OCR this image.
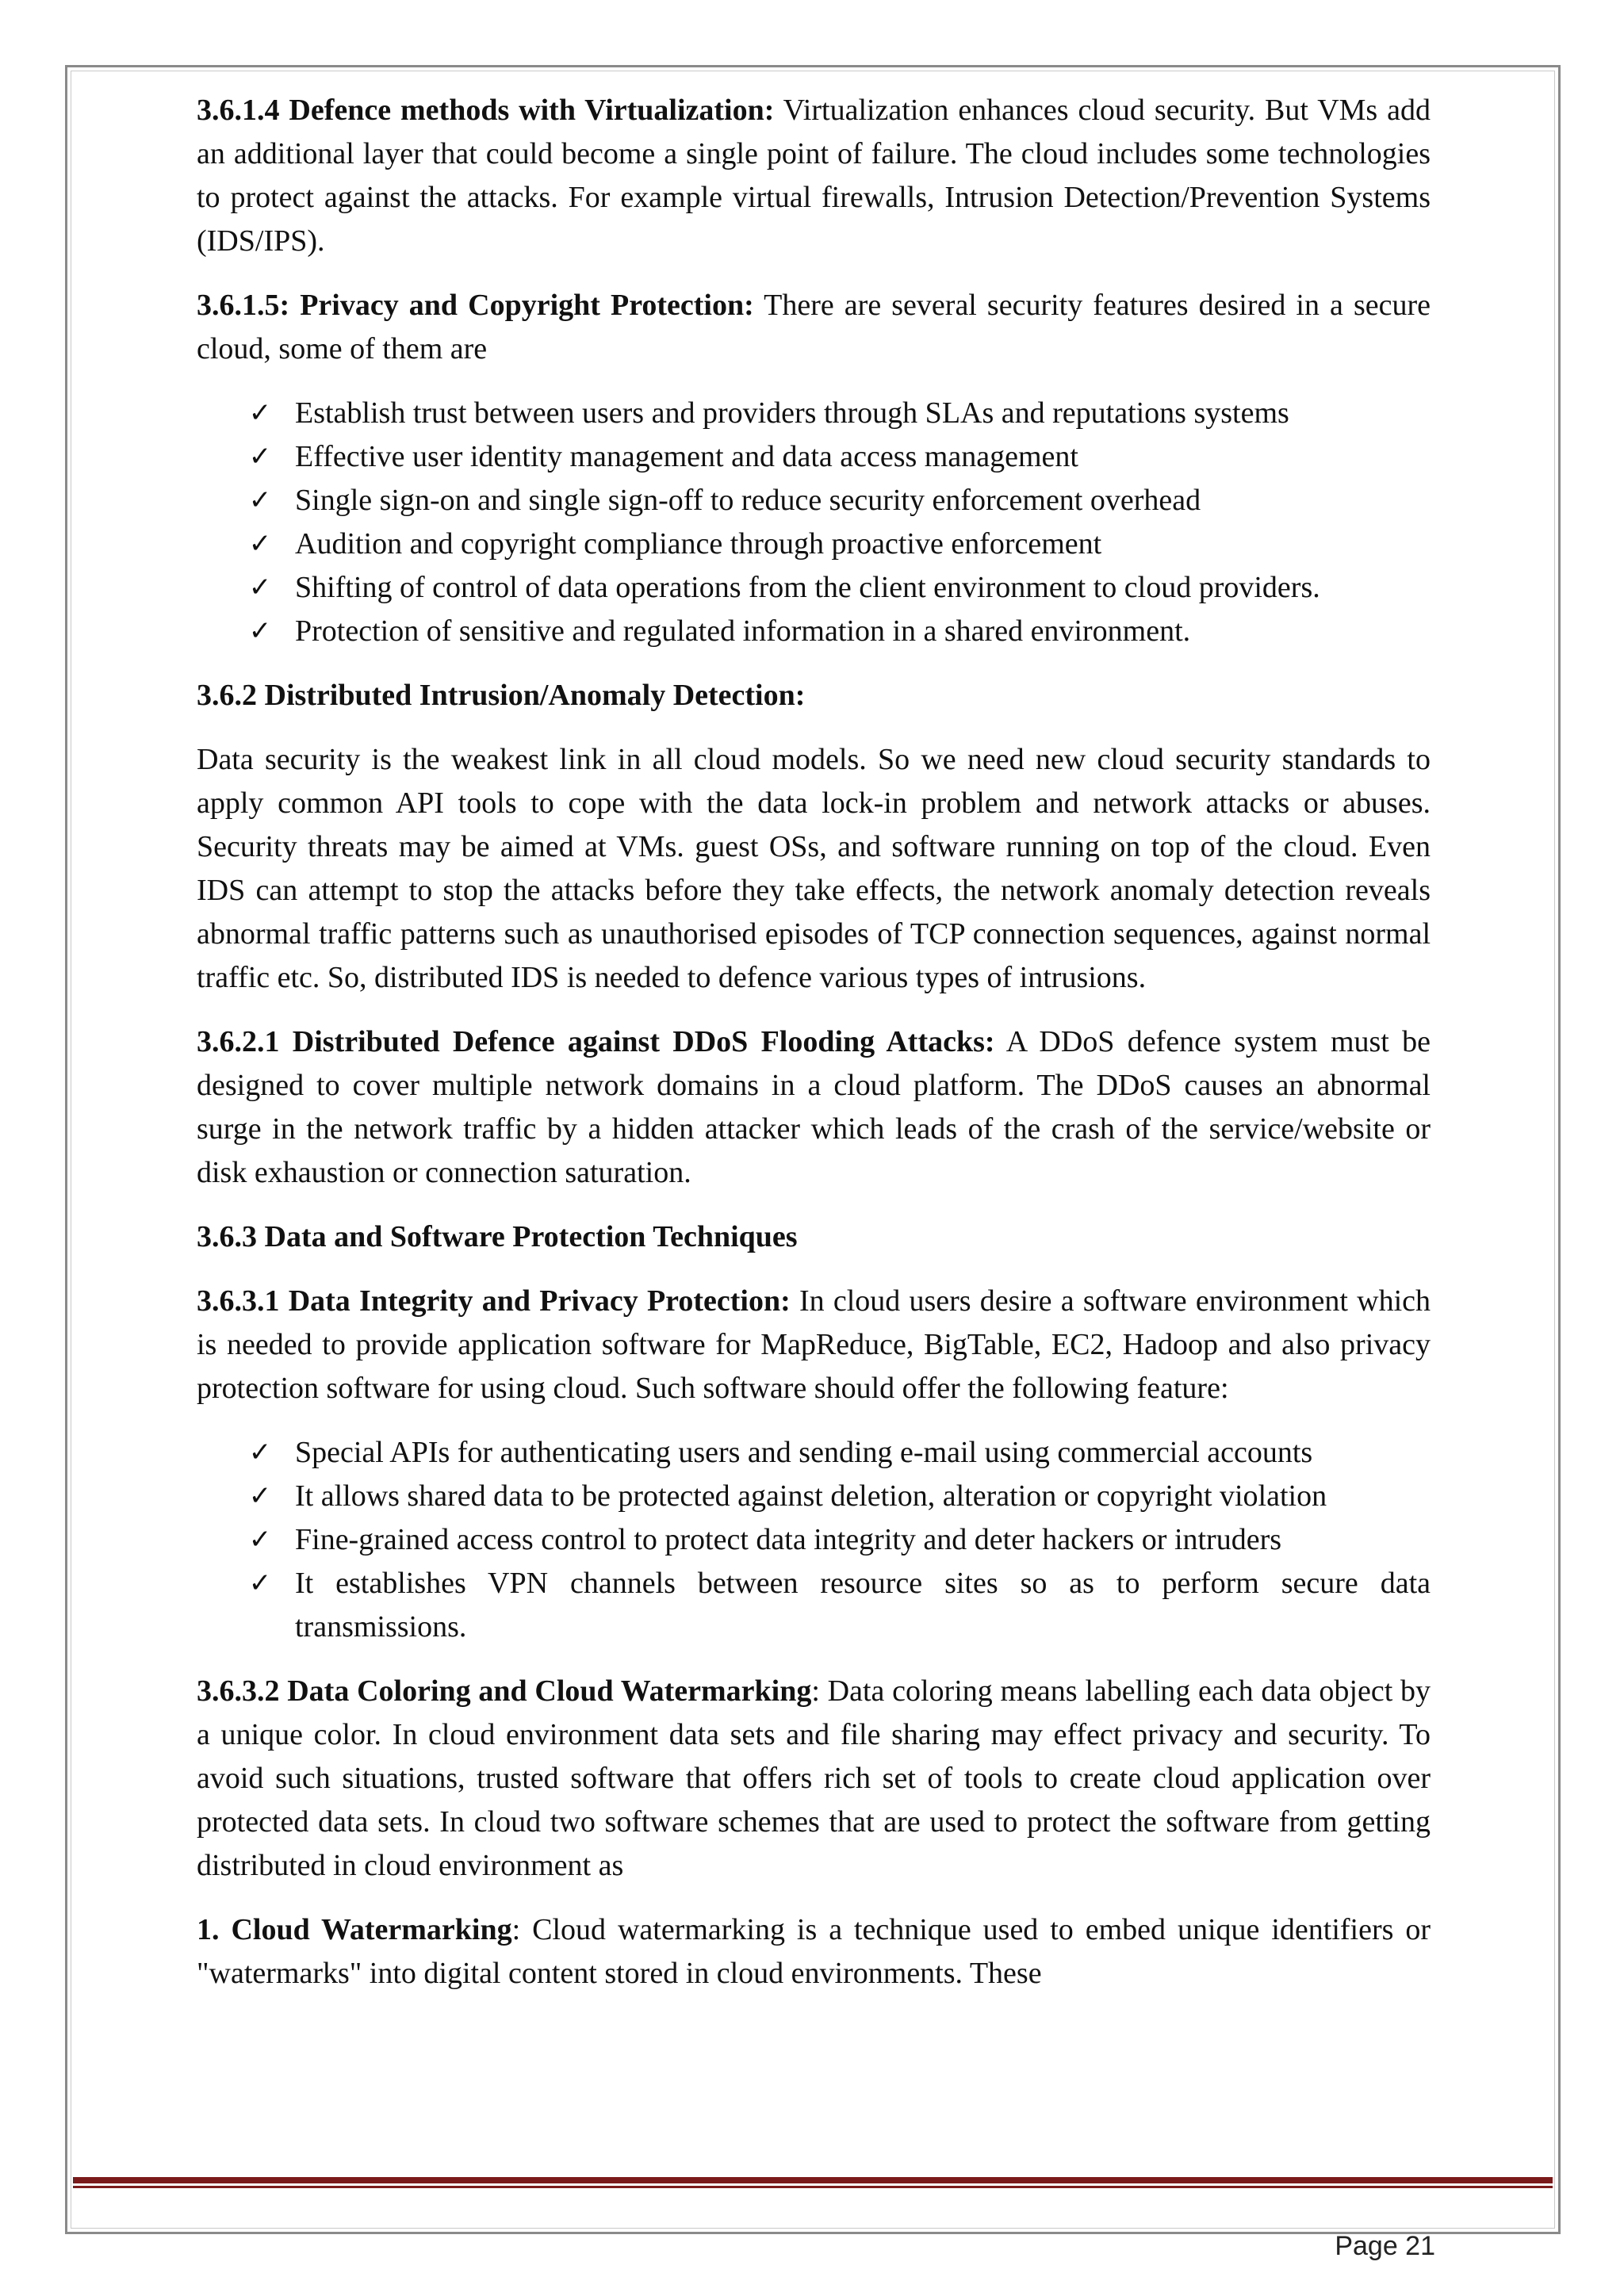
3.6.1.4 Defence methods with Virtualization: Virtualization enhances cloud security. But VMs add an additional layer that could become a single point of failure. The cloud includes some technologies to protect against the attacks. For example virtual firewalls, Intrusion Detection/Prevention Systems (IDS/IPS).

3.6.1.5: Privacy and Copyright Protection: There are several security features desired in a secure cloud, some of them are

✓ Establish trust between users and providers through SLAs and reputations systems
✓ Effective user identity management and data access management
✓ Single sign-on and single sign-off to reduce security enforcement overhead
✓ Audition and copyright compliance through proactive enforcement
✓ Shifting of control of data operations from the client environment to cloud providers.
✓ Protection of sensitive and regulated information in a shared environment.
3.6.2 Distributed Intrusion/Anomaly Detection:

Data security is the weakest link in all cloud models. So we need new cloud security standards to apply common API tools to cope with the data lock-in problem and network attacks or abuses. Security threats may be aimed at VMs. guest OSs, and software running on top of the cloud. Even IDS can attempt to stop the attacks before they take effects, the network anomaly detection reveals abnormal traffic patterns such as unauthorised episodes of TCP connection sequences, against normal traffic etc. So, distributed IDS is needed to defence various types of intrusions.

3.6.2.1 Distributed Defence against DDoS Flooding Attacks: A DDoS defence system must be designed to cover multiple network domains in a cloud platform. The DDoS causes an abnormal surge in the network traffic by a hidden attacker which leads of the crash of the service/website or disk exhaustion or connection saturation.

3.6.3 Data and Software Protection Techniques

3.6.3.1 Data Integrity and Privacy Protection: In cloud users desire a software environment which is needed to provide application software for MapReduce, BigTable, EC2, Hadoop and also privacy protection software for using cloud. Such software should offer the following feature:

✓ Special APIs for authenticating users and sending e-mail using commercial accounts
✓ It allows shared data to be protected against deletion, alteration or copyright violation
✓ Fine-grained access control to protect data integrity and deter hackers or intruders
✓ It establishes VPN channels between resource sites so as to perform secure data transmissions.

3.6.3.2 Data Coloring and Cloud Watermarking: Data coloring means labelling each data object by a unique color. In cloud environment data sets and file sharing may effect privacy and security. To avoid such situations, trusted software that offers rich set of tools to create cloud application over protected data sets. In cloud two software schemes that are used to protect the software from getting distributed in cloud environment as

1. Cloud Watermarking: Cloud watermarking is a technique used to embed unique identifiers or "watermarks" into digital content stored in cloud environments. These

Page 21
